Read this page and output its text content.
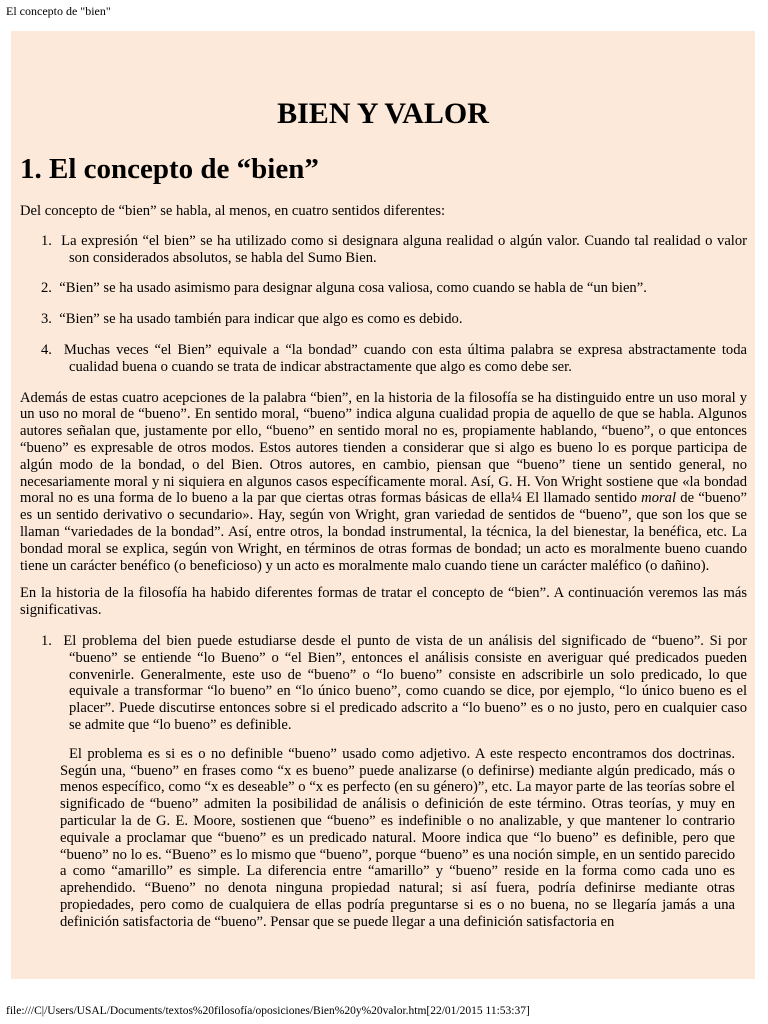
El concepto de "bien"
BIEN Y VALOR
1. El concepto de “bien”

Del concepto de “bien” se habla, al menos, en cuatro sentidos diferentes:

1. La expresión “el bien” se ha utilizado como si designara alguna realidad o algún valor. Cuando tal realidad o valor son considerados absolutos, se habla del Sumo Bien.
2. “Bien” se ha usado asimismo para designar alguna cosa valiosa, como cuando se habla de “un bien”.
3. “Bien” se ha usado también para indicar que algo es como es debido.
4. Muchas veces “el Bien” equivale a “la bondad” cuando con esta última palabra se expresa abstractamente toda cualidad buena o cuando se trata de indicar abstractamente que algo es como debe ser.

Además de estas cuatro acepciones de la palabra “bien”, en la historia de la filosofía se ha distinguido entre un uso moral y un uso no moral de “bueno”. En sentido moral, “bueno” indica alguna cualidad propia de aquello de que se habla. Algunos autores señalan que, justamente por ello, “bueno” en sentido moral no es, propiamente hablando, “bueno”, o que entonces “bueno” es expresable de otros modos. Estos autores tienden a considerar que si algo es bueno lo es porque participa de algún modo de la bondad, o del Bien. Otros autores, en cambio, piensan que “bueno” tiene un sentido general, no necesariamente moral y ni siquiera en algunos casos específicamente moral. Así, G. H. Von Wright sostiene que «la bondad moral no es una forma de lo bueno a la par que ciertas otras formas básicas de ella¼ El llamado sentido moral de “bueno” es un sentido derivativo o secundario». Hay, según von Wright, gran variedad de sentidos de “bueno”, que son los que se llaman “variedades de la bondad”. Así, entre otros, la bondad instrumental, la técnica, la del bienestar, la benéfica, etc. La bondad moral se explica, según von Wright, en términos de otras formas de bondad; un acto es moralmente bueno cuando tiene un carácter benéfico (o beneficioso) y un acto es moralmente malo cuando tiene un carácter maléfico (o dañino).

En la historia de la filosofía ha habido diferentes formas de tratar el concepto de “bien”. A continuación veremos las más significativas.

1. El problema del bien puede estudiarse desde el punto de vista de un análisis del significado de “bueno”. Si por “bueno” se entiende “lo Bueno” o “el Bien”, entonces el análisis consiste en averiguar qué predicados pueden convenirle. Generalmente, este uso de “bueno” o “lo bueno” consiste en adscribirle un solo predicado, lo que equivale a transformar “lo bueno” en “lo único bueno”, como cuando se dice, por ejemplo, “lo único bueno es el placer”. Puede discutirse entonces sobre si el predicado adscrito a “lo bueno” es o no justo, pero en cualquier caso se admite que “lo bueno” es definible.

El problema es si es o no definible “bueno” usado como adjetivo. A este respecto encontramos dos doctrinas. Según una, “bueno” en frases como “x es bueno” puede analizarse (o definirse) mediante algún predicado, más o menos específico, como “x es deseable” o “x es perfecto (en su género)”, etc. La mayor parte de las teorías sobre el significado de “bueno” admiten la posibilidad de análisis o definición de este término. Otras teorías, y muy en particular la de G. E. Moore, sostienen que “bueno” es indefinible o no analizable, y que mantener lo contrario equivale a proclamar que “bueno” es un predicado natural. Moore indica que “lo bueno” es definible, pero que “bueno” no lo es. “Bueno” es lo mismo que “bueno”, porque “bueno” es una noción simple, en un sentido parecido a como “amarillo” es simple. La diferencia entre “amarillo” y “bueno” reside en la forma como cada uno es aprehendido. “Bueno” no denota ninguna propiedad natural; si así fuera, podría definirse mediante otras propiedades, pero como de cualquiera de ellas podría preguntarse si es o no buena, no se llegaría jamás a una definición satisfactoria de “bueno”. Pensar que se puede llegar a una definición satisfactoria en

file:///C|/Users/USAL/Documents/textos%20filosofía/oposiciones/Bien%20y%20valor.htm[22/01/2015 11:53:37]
